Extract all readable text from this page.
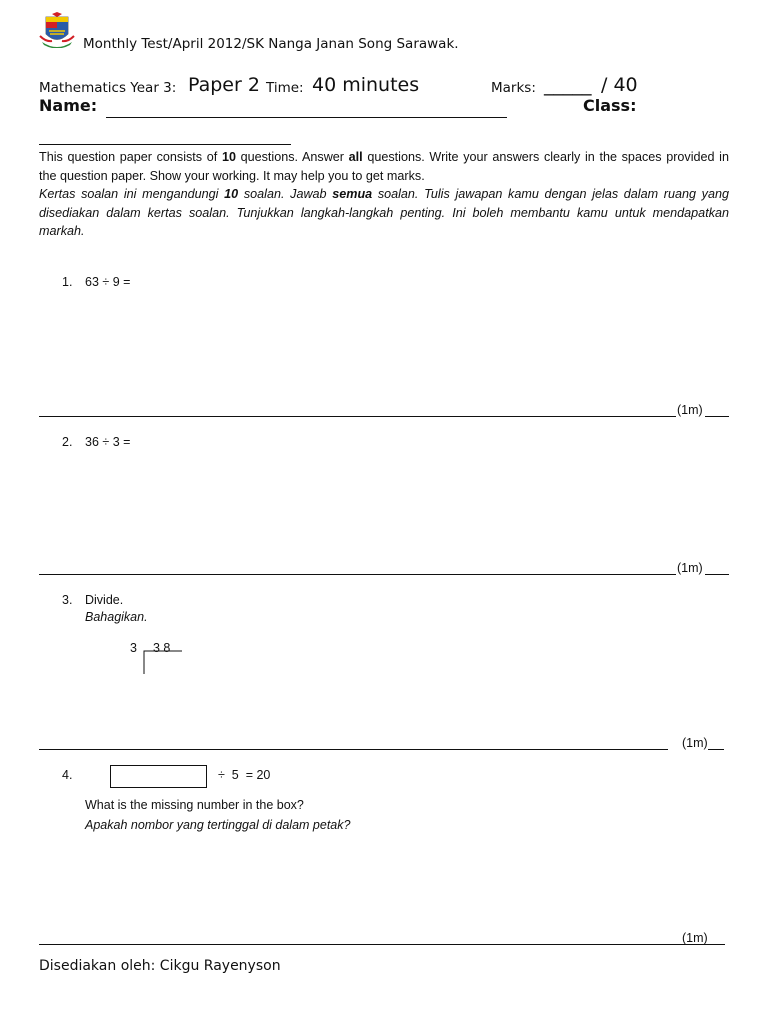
Monthly Test/April 2012/SK Nanga Janan Song Sarawak.
Mathematics Year 3: Paper 2 Time: 40 minutes	Marks: _____ / 40
Name:	Class:
This question paper consists of 10 questions. Answer all questions. Write your answers clearly in the spaces provided in the question paper. Show your working. It may help you to get marks.
Kertas soalan ini mengandungi 10 soalan. Jawab semua soalan. Tulis jawapan kamu dengan jelas dalam ruang yang disediakan dalam kertas soalan. Tunjukkan langkah-langkah penting. Ini boleh membantu kamu untuk mendapatkan markah.
1. 63 ÷ 9 =
(1m)
2. 36 ÷ 3 =
(1m)
3. Divide.
Bahagikan.
3 3 8
(1m)
4.	÷  5  = 20
What is the missing number in the box?
Apakah nombor yang tertinggal di dalam petak?
(1m)
Disediakan oleh: Cikgu Rayenyson
